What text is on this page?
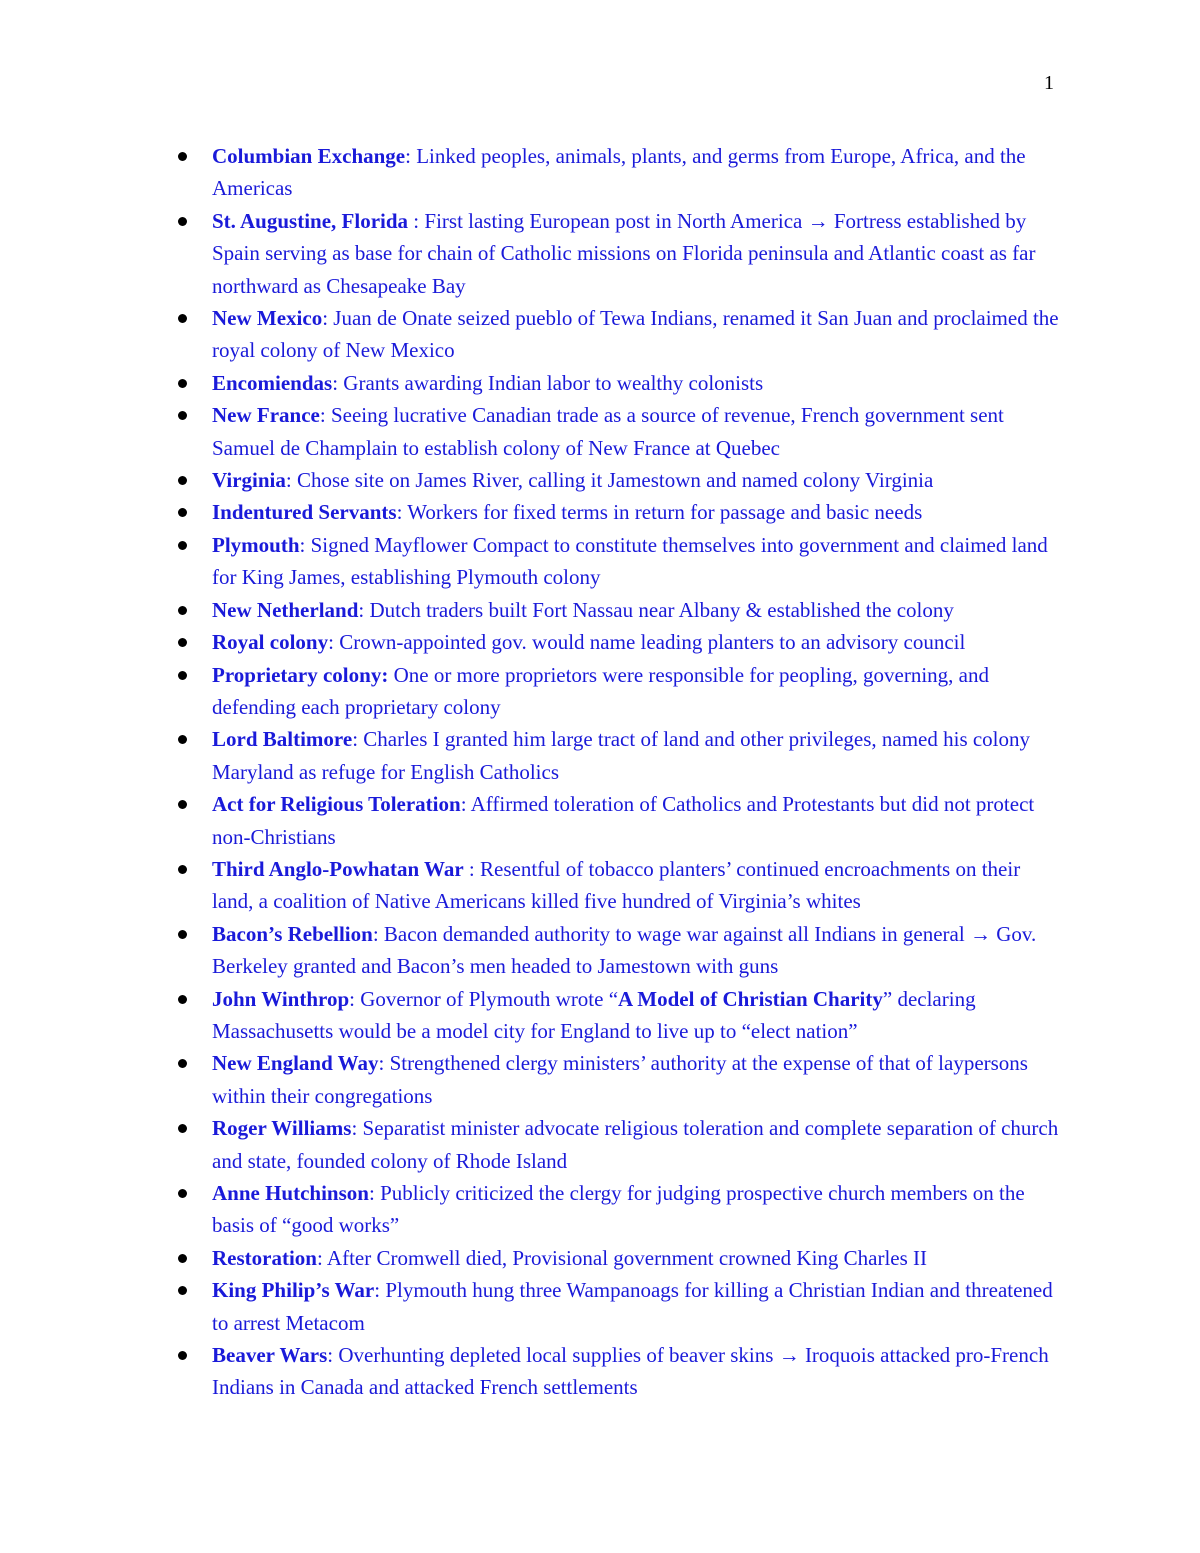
1
Columbian Exchange: Linked peoples, animals, plants, and germs from Europe, Africa, and the Americas
St. Augustine, Florida : First lasting European post in North America → Fortress established by Spain serving as base for chain of Catholic missions on Florida peninsula and Atlantic coast as far northward as Chesapeake Bay
New Mexico: Juan de Onate seized pueblo of Tewa Indians, renamed it San Juan and proclaimed the royal colony of New Mexico
Encomiendas: Grants awarding Indian labor to wealthy colonists
New France: Seeing lucrative Canadian trade as a source of revenue, French government sent Samuel de Champlain to establish colony of New France at Quebec
Virginia: Chose site on James River, calling it Jamestown and named colony Virginia
Indentured Servants: Workers for fixed terms in return for passage and basic needs
Plymouth: Signed Mayflower Compact to constitute themselves into government and claimed land for King James, establishing Plymouth colony
New Netherland: Dutch traders built Fort Nassau near Albany & established the colony
Royal colony: Crown-appointed gov. would name leading planters to an advisory council
Proprietary colony: One or more proprietors were responsible for peopling, governing, and defending each proprietary colony
Lord Baltimore: Charles I granted him large tract of land and other privileges, named his colony Maryland as refuge for English Catholics
Act for Religious Toleration: Affirmed toleration of Catholics and Protestants but did not protect non-Christians
Third Anglo-Powhatan War : Resentful of tobacco planters’ continued encroachments on their land, a coalition of Native Americans killed five hundred of Virginia’s whites
Bacon’s Rebellion: Bacon demanded authority to wage war against all Indians in general → Gov. Berkeley granted and Bacon’s men headed to Jamestown with guns
John Winthrop: Governor of Plymouth wrote “A Model of Christian Charity” declaring Massachusetts would be a model city for England to live up to “elect nation”
New England Way: Strengthened clergy ministers’ authority at the expense of that of laypersons within their congregations
Roger Williams: Separatist minister advocate religious toleration and complete separation of church and state, founded colony of Rhode Island
Anne Hutchinson: Publicly criticized the clergy for judging prospective church members on the basis of “good works”
Restoration: After Cromwell died, Provisional government crowned King Charles II
King Philip’s War: Plymouth hung three Wampanoags for killing a Christian Indian and threatened to arrest Metacom
Beaver Wars: Overhunting depleted local supplies of beaver skins → Iroquois attacked pro-French Indians in Canada and attacked French settlements
